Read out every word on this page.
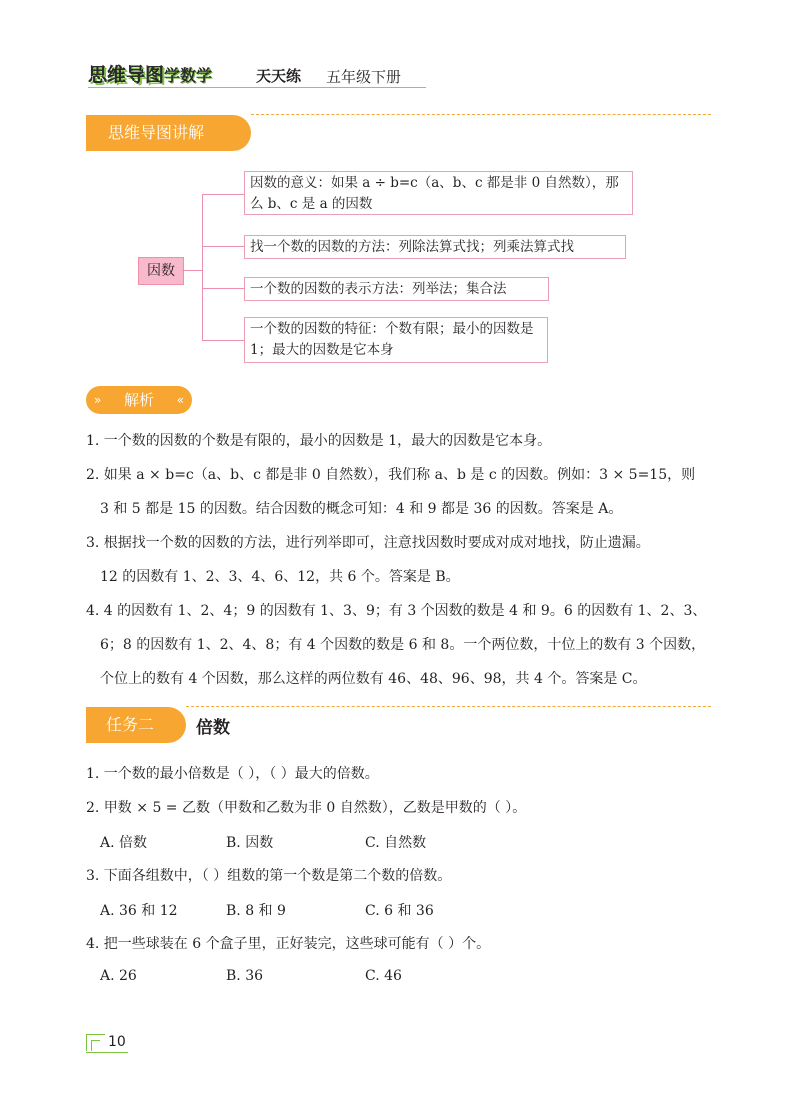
思维导图学数学	天天练 五年级下册
思维导图讲解
因数
因数的意义：如果 a ÷ b=c（a、b、c 都是非 0 自然数），那么 b、c 是 a 的因数
找一个数的因数的方法：列除法算式找；列乘法算式找
一个数的因数的表示方法：列举法；集合法
一个数的因数的特征：个数有限；最小的因数是 1；最大的因数是它本身
» 解析 «
1. 一个数的因数的个数是有限的，最小的因数是 1，最大的因数是它本身。
2. 如果 a × b=c（a、b、c 都是非 0 自然数），我们称 a、b 是 c 的因数。例如：3 × 5=15，则
3 和 5 都是 15 的因数。结合因数的概念可知：4 和 9 都是 36 的因数。答案是 A。
3. 根据找一个数的因数的方法，进行列举即可，注意找因数时要成对成对地找，防止遗漏。
12 的因数有 1、2、3、4、6、12，共 6 个。答案是 B。
4. 4 的因数有 1、2、4；9 的因数有 1、3、9；有 3 个因数的数是 4 和 9。6 的因数有 1、2、3、
6；8 的因数有 1、2、4、8；有 4 个因数的数是 6 和 8。一个两位数，十位上的数有 3 个因数，
个位上的数有 4 个因数，那么这样的两位数有 46、48、96、98，共 4 个。答案是 C。
任务二	倍数
1. 一个数的最小倍数是（ ），（ ）最大的倍数。
2. 甲数 × 5 = 乙数（甲数和乙数为非 0 自然数），乙数是甲数的（ ）。
A. 倍数	B. 因数	C. 自然数
3. 下面各组数中，（ ）组数的第一个数是第二个数的倍数。
A. 36 和 12	B. 8 和 9	C. 6 和 36
4. 把一些球装在 6 个盒子里，正好装完，这些球可能有（ ）个。
A. 26	B. 36	C. 46
10
